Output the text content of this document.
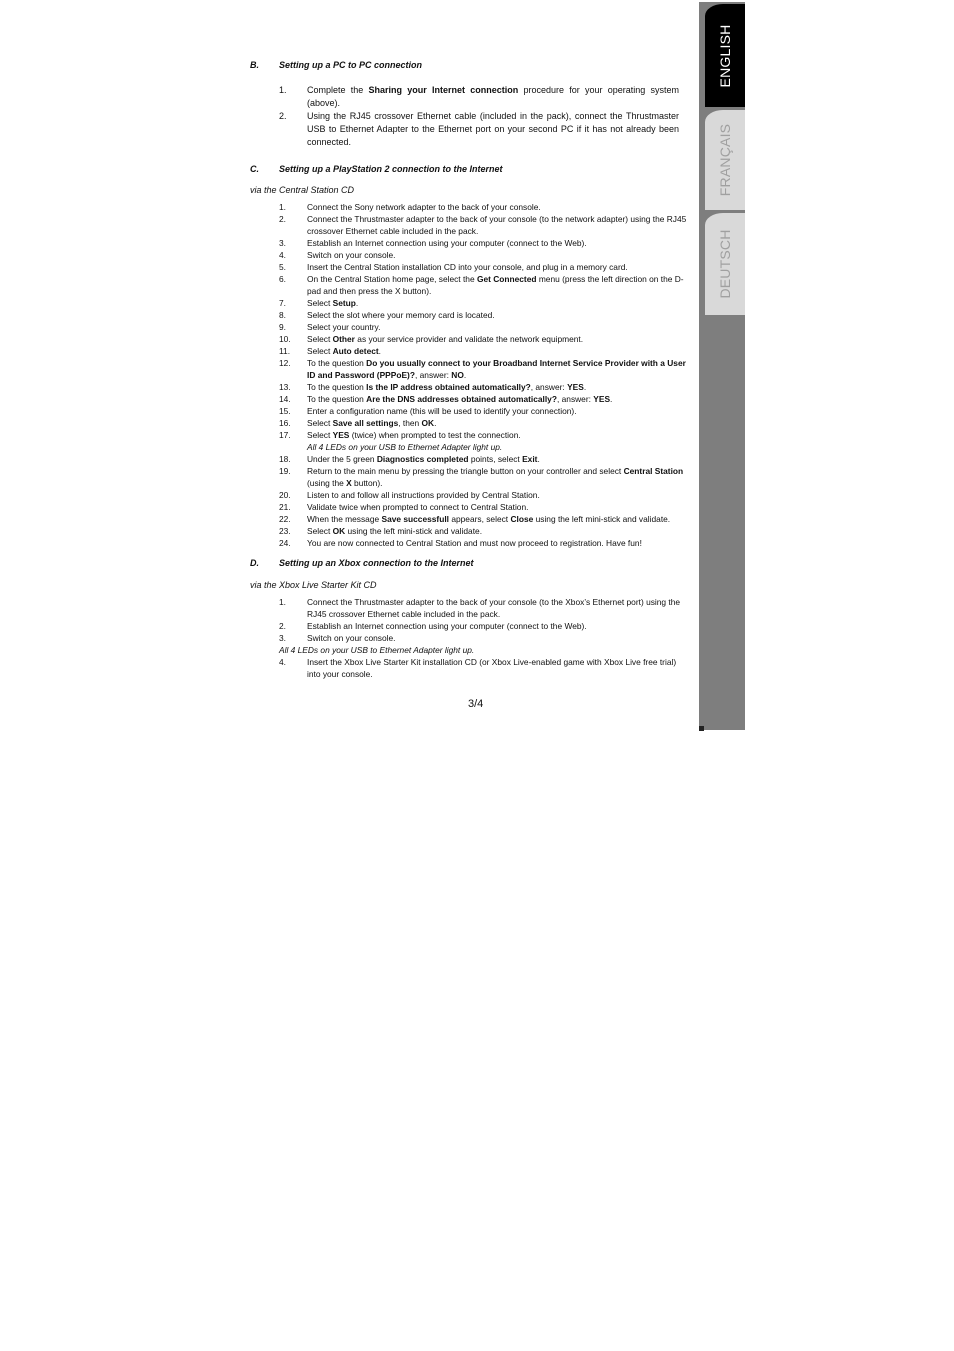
ENGLISH
FRANÇAIS
DEUTSCH
B. Setting up a PC to PC connection
1.	Complete the Sharing your Internet connection procedure for your operating system (above).
2.	Using the RJ45 crossover Ethernet cable (included in the pack), connect the Thrustmaster USB to Ethernet Adapter to the Ethernet port on your second PC if it has not already been connected.
C. Setting up a PlayStation 2 connection to the Internet
via the Central Station CD
1.	Connect the Sony network adapter to the back of your console.
2.	Connect the Thrustmaster adapter to the back of your console (to the network adapter) using the RJ45 crossover Ethernet cable included in the pack.
3.	Establish an Internet connection using your computer (connect to the Web).
4.	Switch on your console.
5.	Insert the Central Station installation CD into your console, and plug in a memory card.
6.	On the Central Station home page, select the Get Connected menu (press the left direction on the D-pad and then press the X button).
7.	Select Setup.
8.	Select the slot where your memory card is located.
9.	Select your country.
10.	Select Other as your service provider and validate the network equipment.
11.	Select Auto detect.
12.	To the question Do you usually connect to your Broadband Internet Service Provider with a User ID and Password (PPPoE)?, answer: NO.
13.	To the question Is the IP address obtained automatically?, answer: YES.
14.	To the question Are the DNS addresses obtained automatically?, answer: YES.
15.	Enter a configuration name (this will be used to identify your connection).
16.	Select Save all settings, then OK.
17.	Select YES (twice) when prompted to test the connection.
All 4 LEDs on your USB to Ethernet Adapter light up.
18.	Under the 5 green Diagnostics completed points, select Exit.
19.	Return to the main menu by pressing the triangle button on your controller and select Central Station (using the X button).
20.	Listen to and follow all instructions provided by Central Station.
21.	Validate twice when prompted to connect to Central Station.
22.	When the message Save successfull appears, select Close using the left mini-stick and validate.
23.	Select OK using the left mini-stick and validate.
24.	You are now connected to Central Station and must now proceed to registration. Have fun!
D. Setting up an Xbox connection to the Internet
via the Xbox Live Starter Kit CD
1.	Connect the Thrustmaster adapter to the back of your console (to the Xbox’s Ethernet port) using the RJ45 crossover Ethernet cable included in the pack.
2.	Establish an Internet connection using your computer (connect to the Web).
3.	Switch on your console.
All 4 LEDs on your USB to Ethernet Adapter light up.
4.	Insert the Xbox Live Starter Kit installation CD (or Xbox Live-enabled game with Xbox Live free trial) into your console.
3/4
